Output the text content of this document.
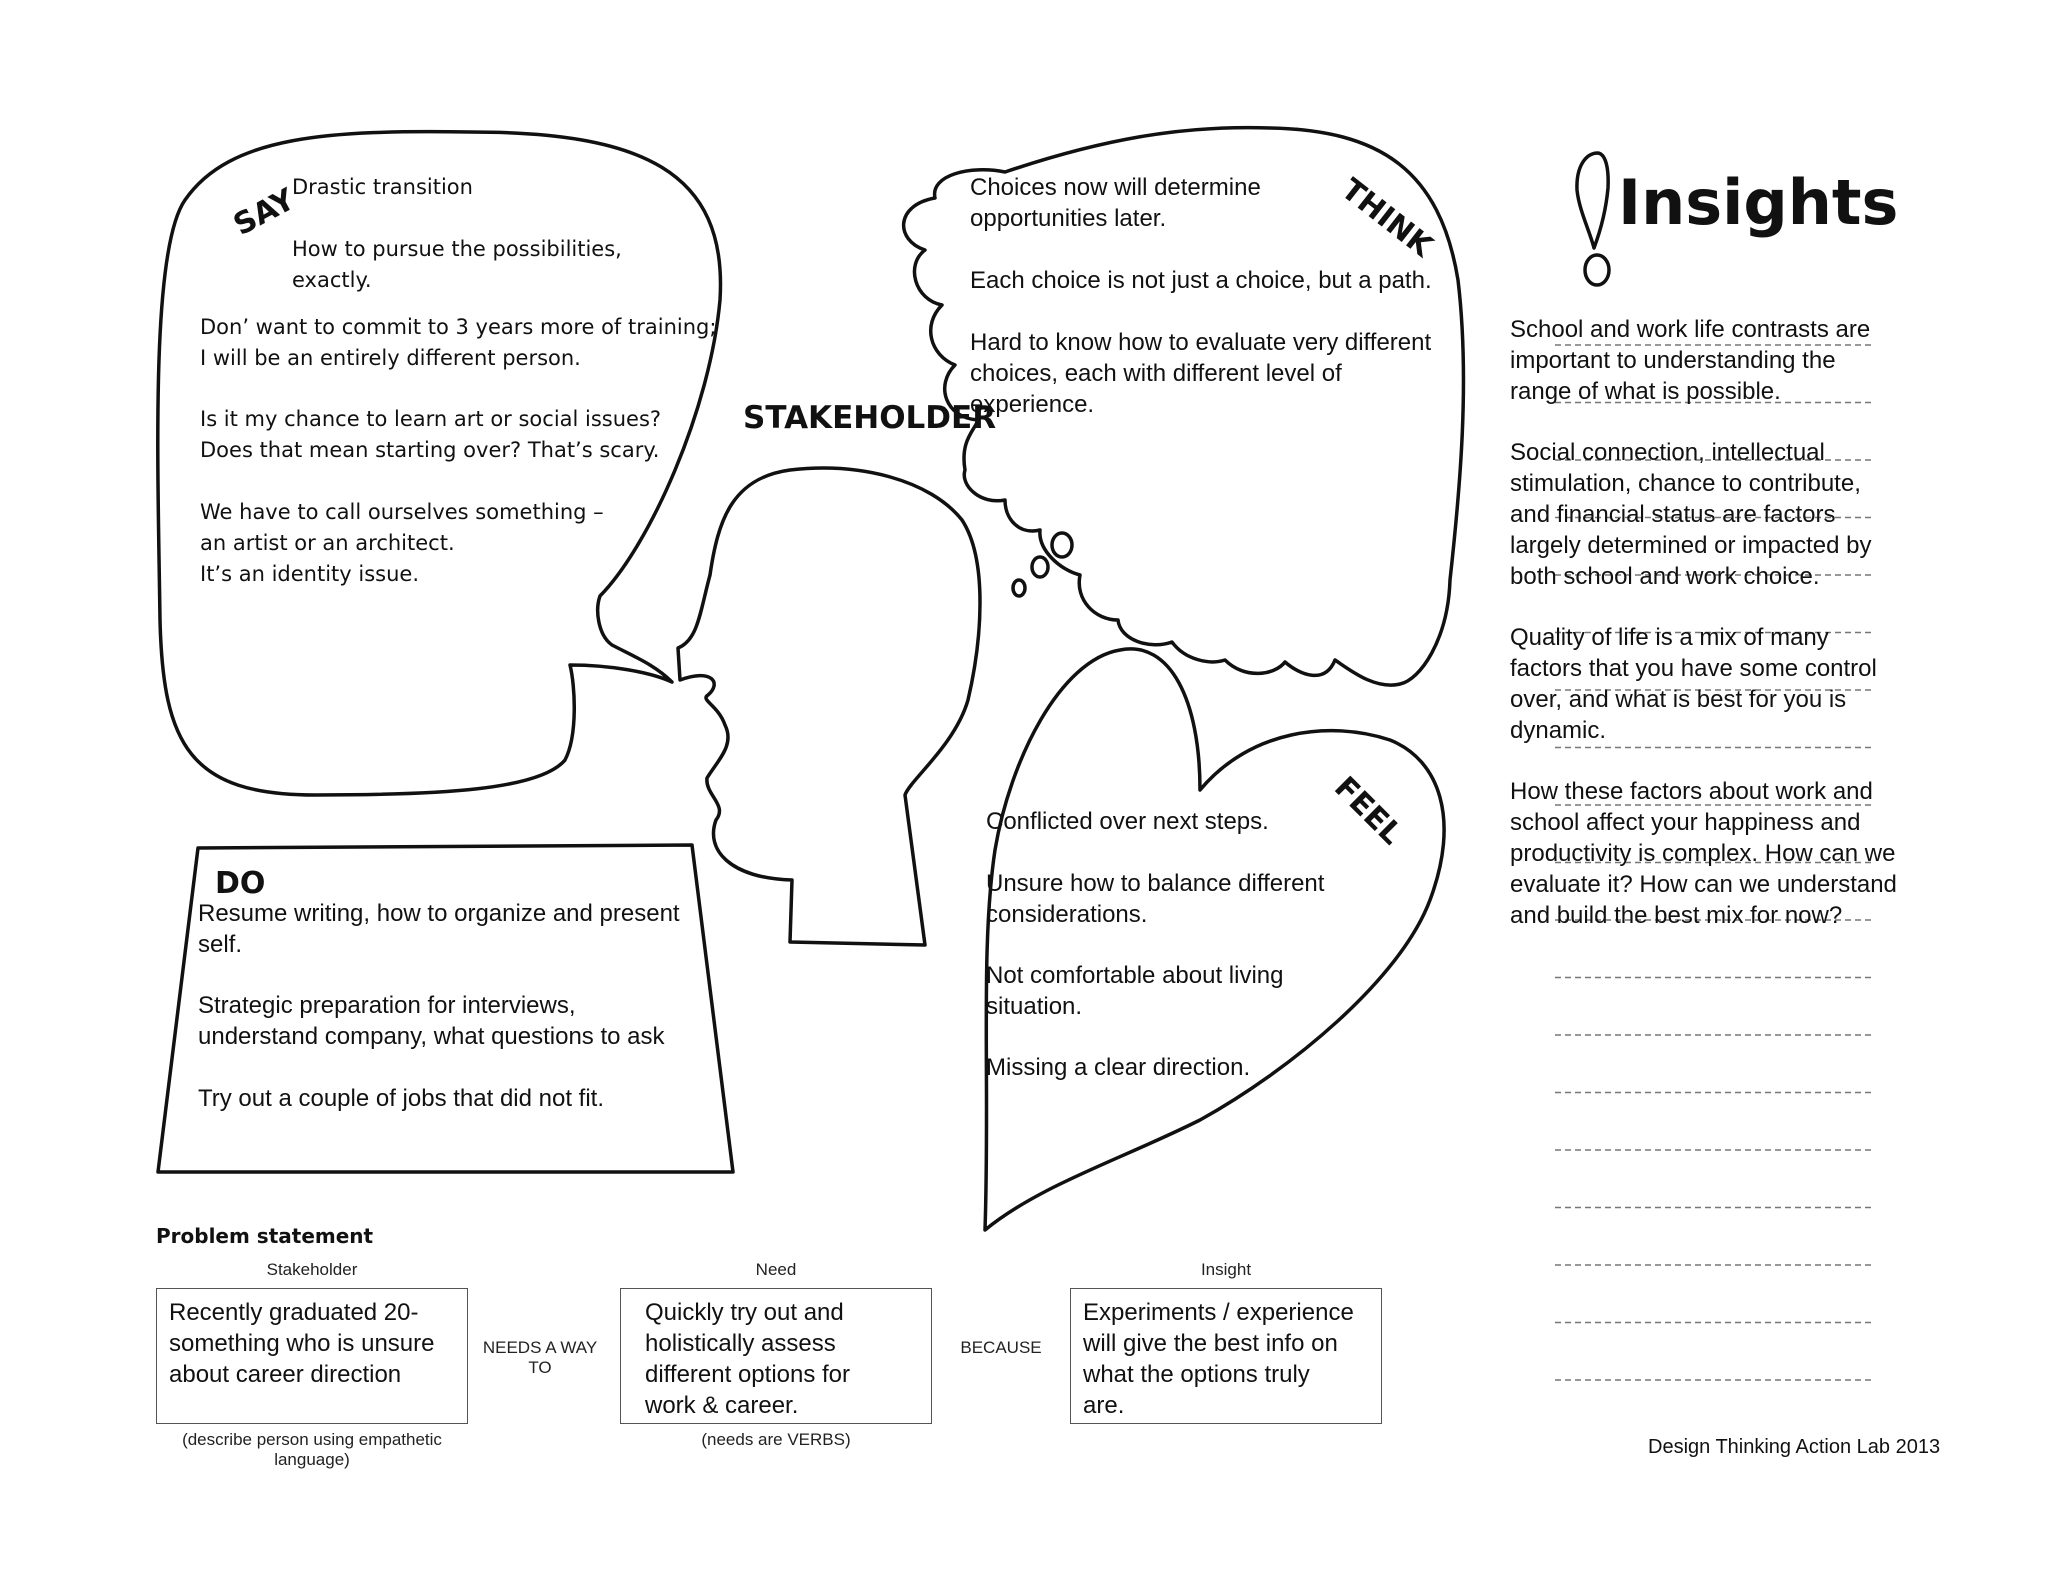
SAY
Drastic transition
How to pursue the possibilities,
exactly.
Don’ want to commit to 3 years more of training;
I will be an entirely different person.
Is it my chance to learn art or social issues?
Does that mean starting over? That’s scary.
We have to call ourselves something –
an artist or an architect.
It’s an identity issue.
STAKEHOLDER
THINK
Choices now will determine
opportunities later.
Each choice is not just a choice, but a path.
Hard to know how to evaluate very different
choices, each with different level of
experience.
DO
Resume writing, how to organize and present
self.
Strategic preparation for interviews,
understand company, what questions to ask
Try out a couple of jobs that did not fit.
FEEL
Conflicted over next steps.
Unsure how to balance different
considerations.
Not comfortable about living
situation.
Missing a clear direction.
Insights
School and work life contrasts are
important to understanding the
range of what is possible.
Social connection, intellectual
stimulation, chance to contribute,
and financial status are factors
largely determined or impacted by
both school and work choice.
Quality of life is a mix of many
factors that you have some control
over, and what is best for you is
dynamic.
How these factors about work and
school affect your happiness and
productivity is complex. How can we
evaluate it? How can we understand
and build the best mix for now?
Problem statement
Stakeholder
Recently graduated 20-
something who is unsure
about career direction
(describe person using empathetic language)
NEEDS A WAY TO
Need
Quickly try out and
holistically assess
different options for
work & career.
(needs are VERBS)
BECAUSE
Insight
Experiments / experience
will give the best info on
what the options truly
are.
Design Thinking Action Lab 2013
